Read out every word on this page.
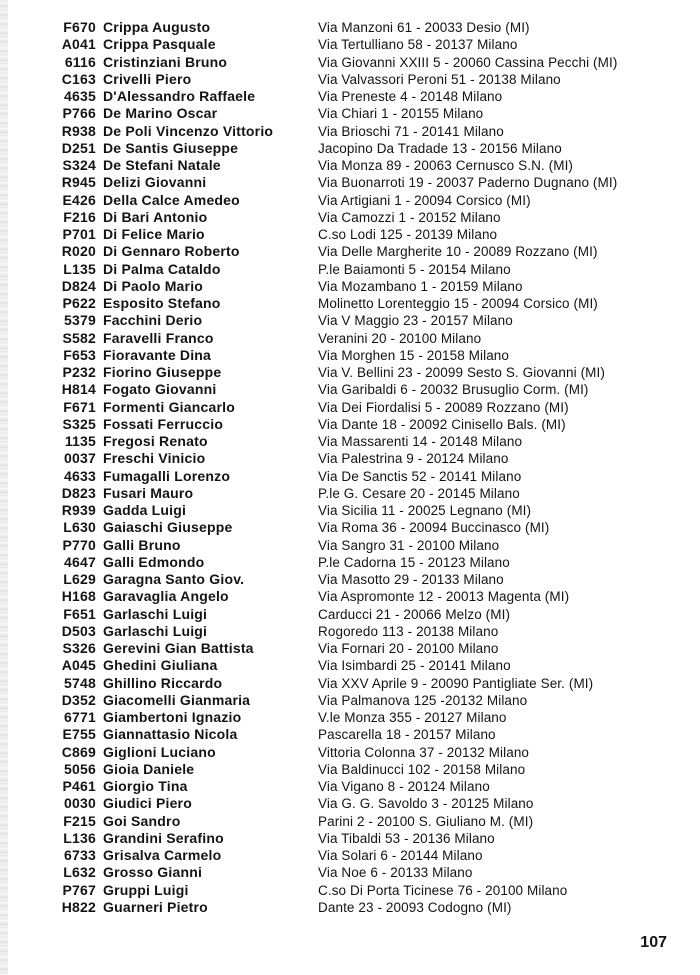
F670 Crippa Augusto	Via Manzoni 61 - 20033 Desio (MI)
A041 Crippa Pasquale	Via Tertulliano 58 - 20137 Milano
6116 Cristinziani Bruno	Via Giovanni XXIII 5 - 20060 Cassina Pecchi (MI)
C163 Crivelli Piero	Via Valvassori Peroni 51 - 20138 Milano
4635 D'Alessandro Raffaele	Via Preneste 4 - 20148 Milano
P766 De Marino Oscar	Via Chiari 1 - 20155 Milano
R938 De Poli Vincenzo Vittorio	Via Brioschi 71 - 20141 Milano
D251 De Santis Giuseppe	Jacopino Da Tradade 13 - 20156 Milano
S324 De Stefani Natale	Via Monza 89 - 20063 Cernusco S.N. (MI)
R945 Delizi Giovanni	Via Buonarroti 19 - 20037 Paderno Dugnano (MI)
E426 Della Calce Amedeo	Via Artigiani 1 - 20094 Corsico (MI)
F216 Di Bari Antonio	Via Camozzi 1 - 20152 Milano
P701 Di Felice Mario	C.so Lodi 125 - 20139 Milano
R020 Di Gennaro Roberto	Via Delle Margherite 10 - 20089 Rozzano (MI)
L135 Di Palma Cataldo	P.le Baiamonti 5 - 20154 Milano
D824 Di Paolo Mario	Via Mozambano 1 - 20159 Milano
P622 Esposito Stefano	Molinetto Lorenteggio 15 - 20094 Corsico (MI)
5379 Facchini Derio	Via V Maggio 23 - 20157 Milano
S582 Faravelli Franco	Veranini 20 - 20100 Milano
F653 Fioravante Dina	Via Morghen 15 - 20158 Milano
P232 Fiorino Giuseppe	Via V. Bellini 23 - 20099 Sesto S. Giovanni (MI)
H814 Fogato Giovanni	Via Garibaldi 6 - 20032 Brusuglio Corm. (MI)
F671 Formenti Giancarlo	Via Dei Fiordalisi 5 - 20089 Rozzano (MI)
S325 Fossati Ferruccio	Via Dante 18 - 20092 Cinisello Bals. (MI)
1135 Fregosi Renato	Via Massarenti 14 - 20148 Milano
0037 Freschi Vinicio	Via Palestrina 9 - 20124 Milano
4633 Fumagalli Lorenzo	Via De Sanctis 52 - 20141 Milano
D823 Fusari Mauro	P.le G. Cesare 20 - 20145 Milano
R939 Gadda Luigi	Via Sicilia 11 - 20025 Legnano (MI)
L630 Gaiaschi Giuseppe	Via Roma 36 - 20094 Buccinasco (MI)
P770 Galli Bruno	Via Sangro 31 - 20100 Milano
4647 Galli Edmondo	P.le Cadorna 15 - 20123 Milano
L629 Garagna Santo Giov.	Via Masotto 29 - 20133 Milano
H168 Garavaglia Angelo	Via Aspromonte 12 - 20013 Magenta (MI)
F651 Garlaschi Luigi	Carducci 21 - 20066 Melzo (MI)
D503 Garlaschi Luigi	Rogoredo 113 - 20138 Milano
S326 Gerevini Gian Battista	Via Fornari 20 - 20100 Milano
A045 Ghedini Giuliana	Via Isimbardi 25 - 20141 Milano
5748 Ghillino Riccardo	Via XXV Aprile 9 - 20090 Pantigliate Ser. (MI)
D352 Giacomelli Gianmaria	Via Palmanova 125 -20132 Milano
6771 Giambertoni Ignazio	V.le Monza 355 - 20127 Milano
E755 Giannattasio Nicola	Pascarella 18 - 20157 Milano
C869 Giglioni Luciano	Vittoria Colonna 37 - 20132 Milano
5056 Gioia Daniele	Via Baldinucci 102 - 20158 Milano
P461 Giorgio Tina	Via Vigano 8 - 20124 Milano
0030 Giudici Piero	Via G. G. Savoldo 3 - 20125 Milano
F215 Goi Sandro	Parini 2 - 20100 S. Giuliano M. (MI)
L136 Grandini Serafino	Via Tibaldi 53 - 20136 Milano
6733 Grisalva Carmelo	Via Solari 6 - 20144 Milano
L632 Grosso Gianni	Via Noe 6 - 20133 Milano
P767 Gruppi Luigi	C.so Di Porta Ticinese 76 - 20100 Milano
H822 Guarneri Pietro	Dante 23 - 20093 Codogno (MI)
107
